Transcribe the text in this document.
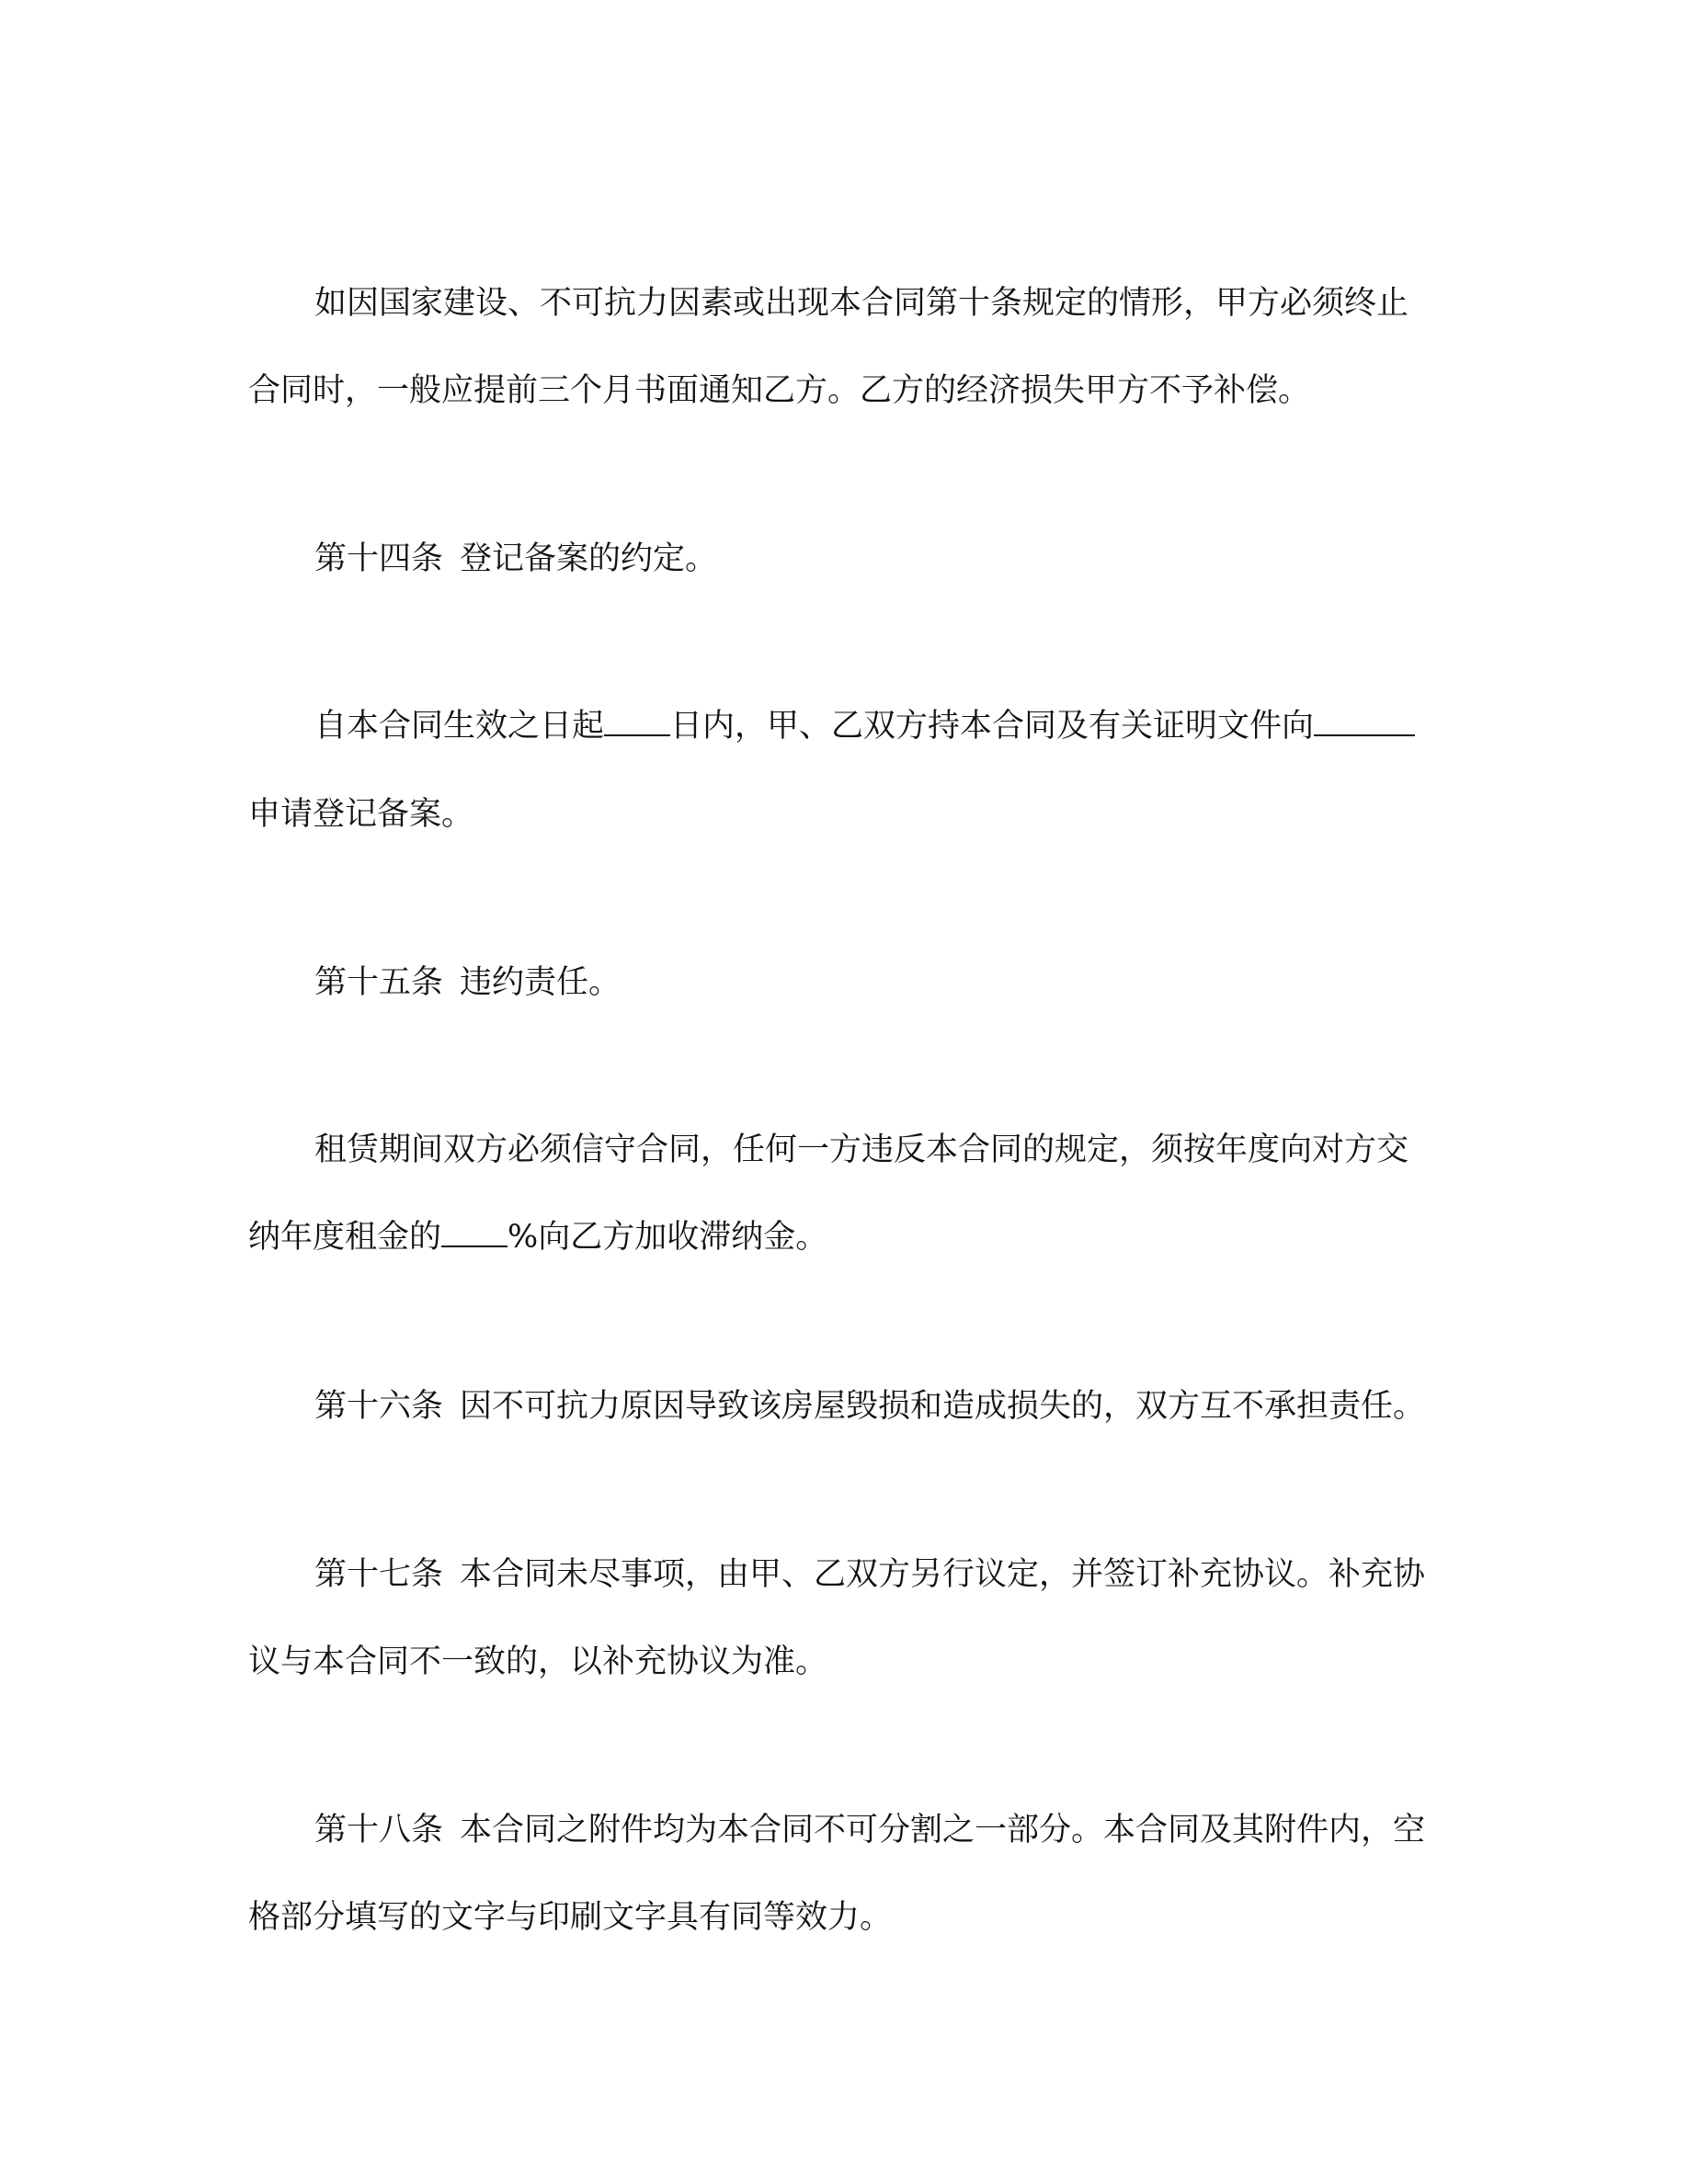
如因国家建设、不可抗力因素或出现本合同第十条规定的情形，甲方必须终止
合同时，一般应提前三个月书面通知乙方。乙方的经济损失甲方不予补偿。
第十四条 登记备案的约定。
自本合同生效之日起 日内，甲、乙双方持本合同及有关证明文件向
申请登记备案。
第十五条 违约责任。
租赁期间双方必须信守合同，任何一方违反本合同的规定，须按年度向对方交
纳年度租金的 %向乙方加收滞纳金。
第十六条 因不可抗力原因导致该房屋毁损和造成损失的，双方互不承担责任。
第十七条 本合同未尽事项，由甲、乙双方另行议定，并签订补充协议。补充协
议与本合同不一致的，以补充协议为准。
第十八条 本合同之附件均为本合同不可分割之一部分。本合同及其附件内，空
格部分填写的文字与印刷文字具有同等效力。
